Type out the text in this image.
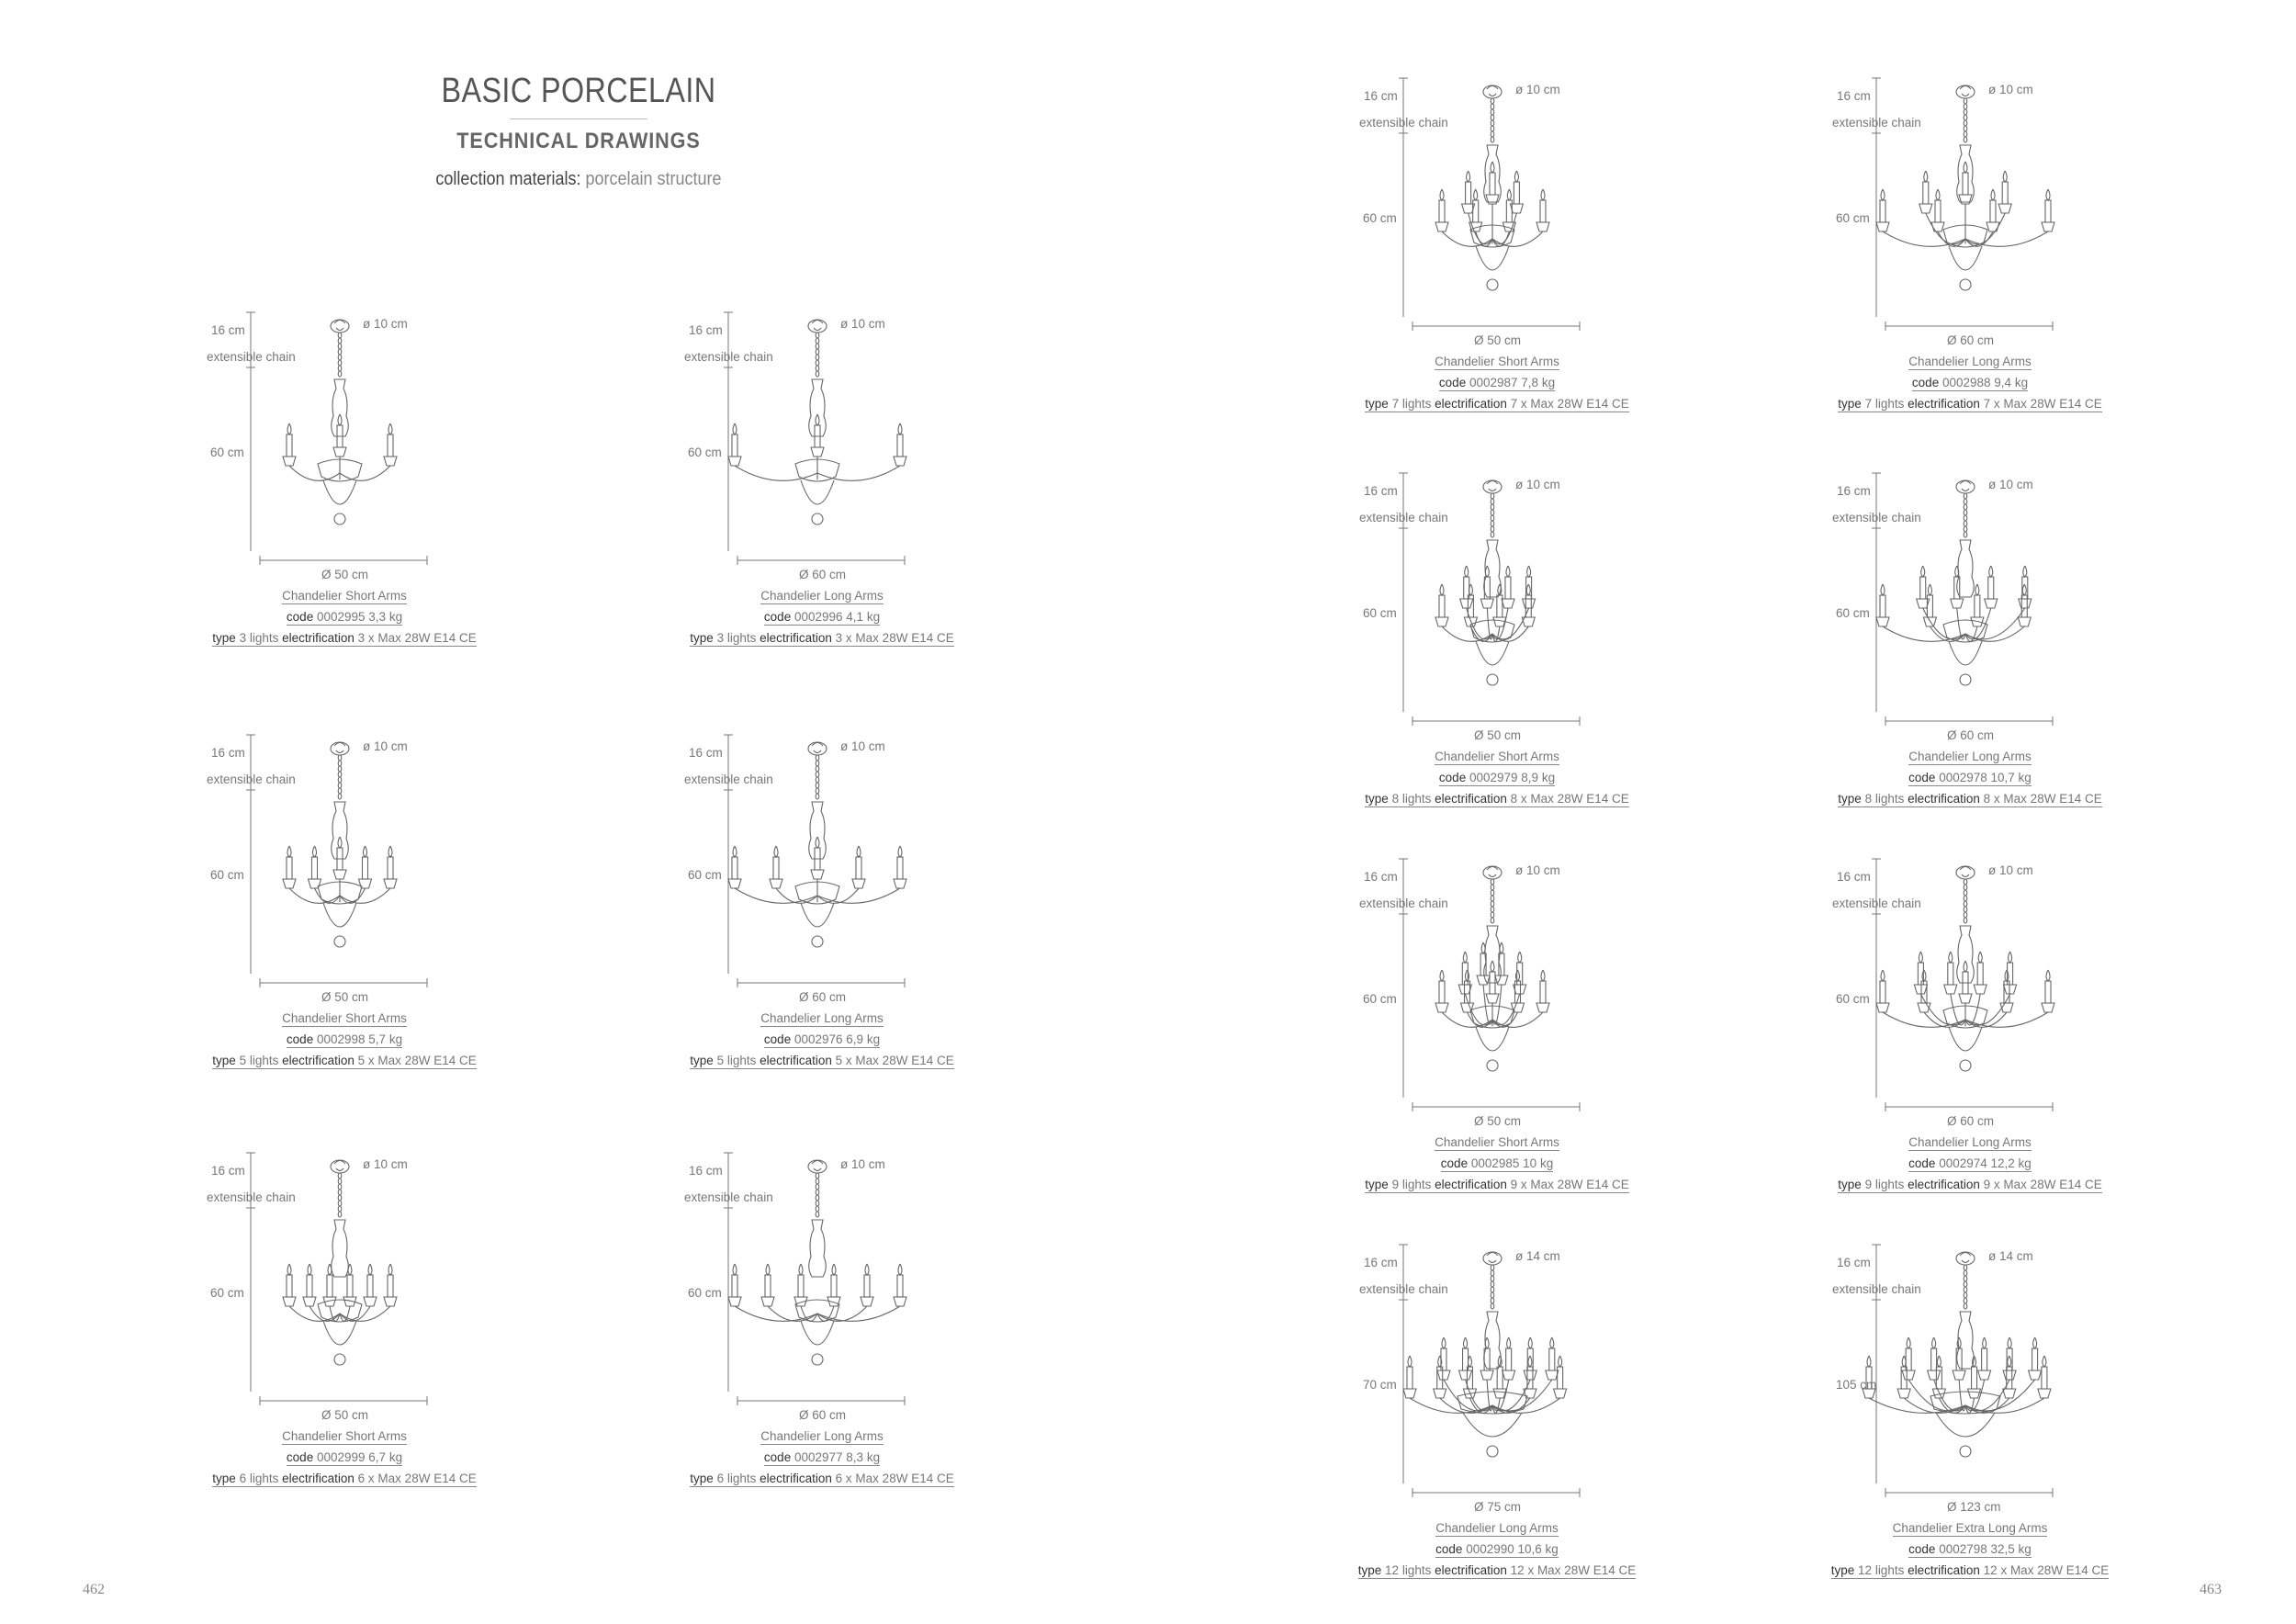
BASIC PORCELAIN
TECHNICAL DRAWINGS
collection materials: porcelain structure
462	463
16 cm
extensible chain
60 cm
ø 10 cm
Ø 50 cm
Chandelier Short Arms
code 0002995 3,3 kg
type 3 lights electrification 3 x Max 28W E14 CE
16 cm
extensible chain
60 cm
ø 10 cm
Ø 60 cm
Chandelier Long Arms
code 0002996 4,1 kg
type 3 lights electrification 3 x Max 28W E14 CE
16 cm
extensible chain
60 cm
ø 10 cm
Ø 50 cm
Chandelier Short Arms
code 0002998 5,7 kg
type 5 lights electrification 5 x Max 28W E14 CE
16 cm
extensible chain
60 cm
ø 10 cm
Ø 60 cm
Chandelier Long Arms
code 0002976 6,9 kg
type 5 lights electrification 5 x Max 28W E14 CE
16 cm
extensible chain
60 cm
ø 10 cm
Ø 50 cm
Chandelier Short Arms
code 0002999 6,7 kg
type 6 lights electrification 6 x Max 28W E14 CE
16 cm
extensible chain
60 cm
ø 10 cm
Ø 60 cm
Chandelier Long Arms
code 0002977 8,3 kg
type 6 lights electrification 6 x Max 28W E14 CE
16 cm
extensible chain
60 cm
ø 10 cm
Ø 50 cm
Chandelier Short Arms
code 0002987 7,8 kg
type 7 lights electrification 7 x Max 28W E14 CE
16 cm
extensible chain
60 cm
ø 10 cm
Ø 60 cm
Chandelier Long Arms
code 0002988 9,4 kg
type 7 lights electrification 7 x Max 28W E14 CE
16 cm
extensible chain
60 cm
ø 10 cm
Ø 50 cm
Chandelier Short Arms
code 0002979 8,9 kg
type 8 lights electrification 8 x Max 28W E14 CE
16 cm
extensible chain
60 cm
ø 10 cm
Ø 60 cm
Chandelier Long Arms
code 0002978 10,7 kg
type 8 lights electrification 8 x Max 28W E14 CE
16 cm
extensible chain
60 cm
ø 10 cm
Ø 50 cm
Chandelier Short Arms
code 0002985 10 kg
type 9 lights electrification 9 x Max 28W E14 CE
16 cm
extensible chain
60 cm
ø 10 cm
Ø 60 cm
Chandelier Long Arms
code 0002974 12,2 kg
type 9 lights electrification 9 x Max 28W E14 CE
16 cm
extensible chain
70 cm
ø 14 cm
Ø 75 cm
Chandelier Long Arms
code 0002990 10,6 kg
type 12 lights electrification 12 x Max 28W E14 CE
16 cm
extensible chain
105 cm
ø 14 cm
Ø 123 cm
Chandelier Extra Long Arms
code 0002798 32,5 kg
type 12 lights electrification 12 x Max 28W E14 CE
